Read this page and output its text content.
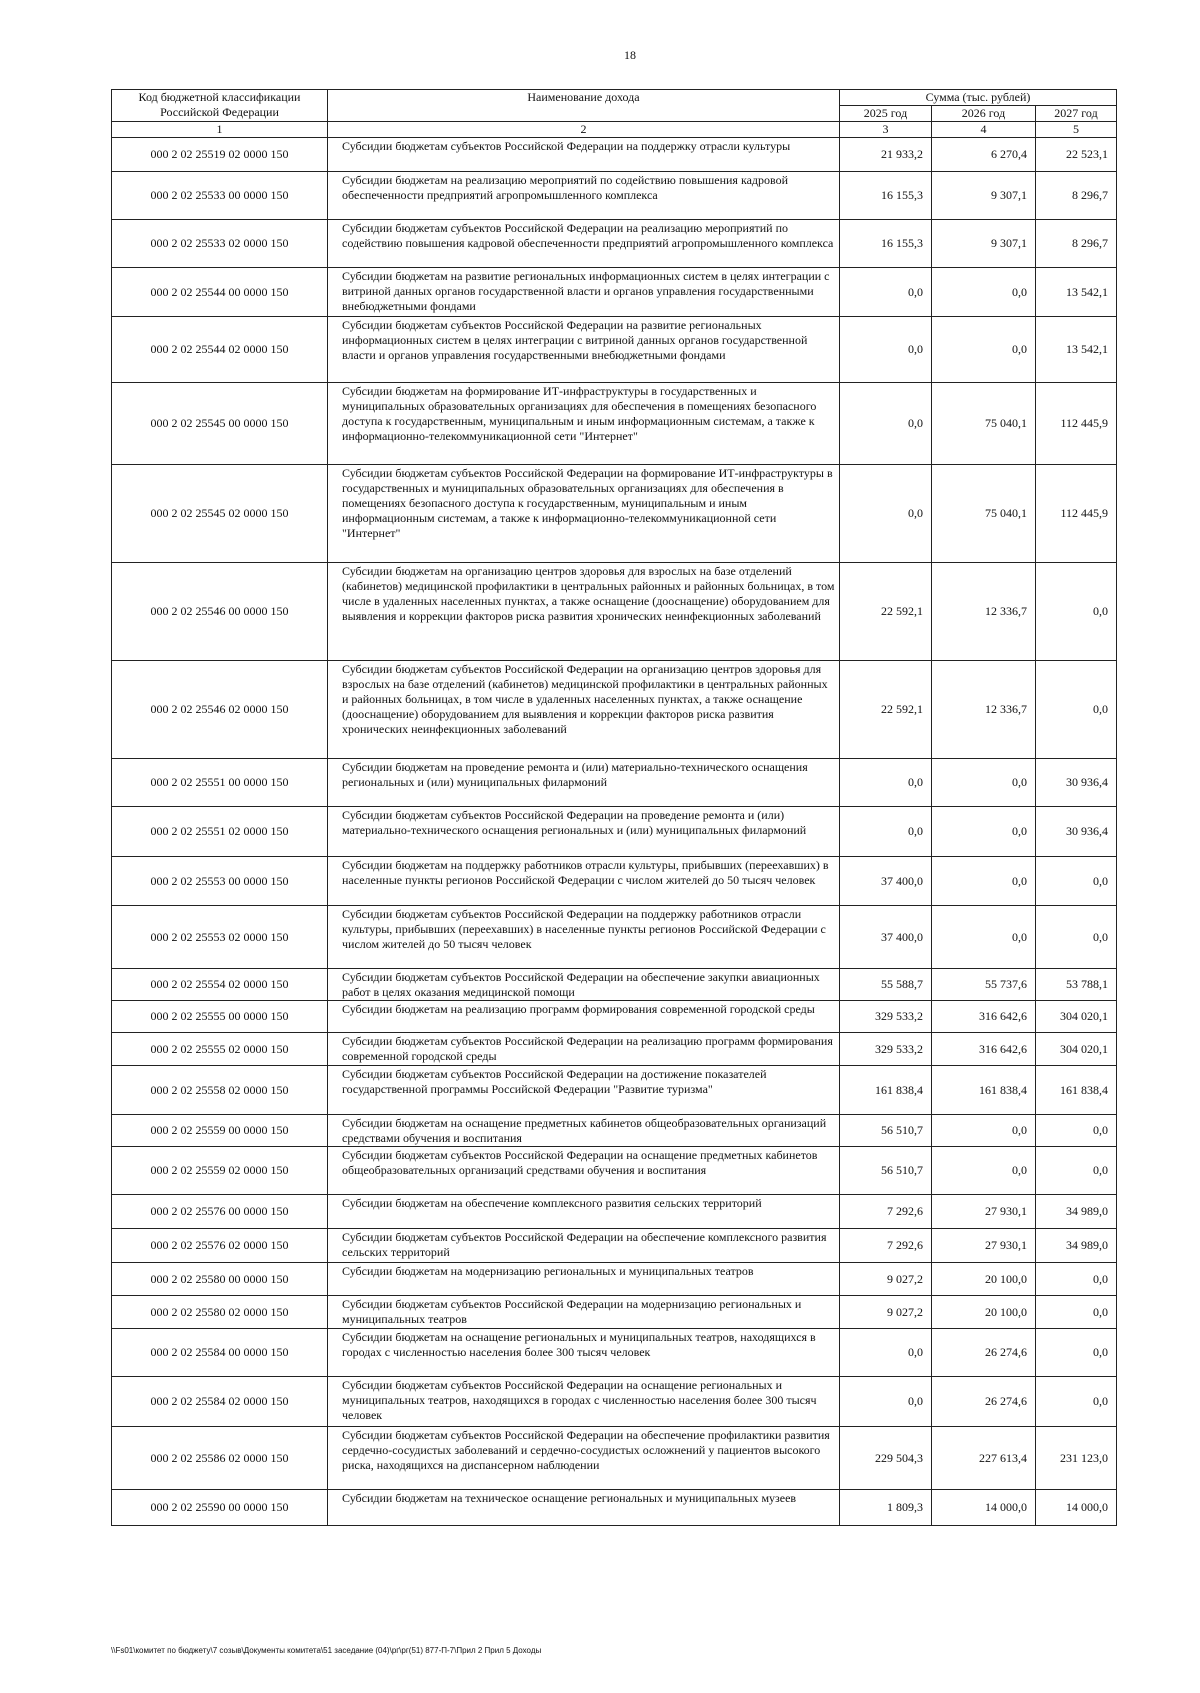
18
Код бюджетной классификации Российской Федерации	Наименование дохода	Сумма (тыс. рублей)		
		2025 год	2026 год	2027 год
1	2	3	4	5
000 2 02 25519 02 0000 150	Субсидии бюджетам субъектов Российской Федерации на поддержку отрасли культуры	21 933,2	6 270,4	22 523,1
000 2 02 25533 00 0000 150	Субсидии бюджетам на реализацию мероприятий по содействию повышения кадровой обеспеченности предприятий агропромышленного комплекса	16 155,3	9 307,1	8 296,7
000 2 02 25533 02 0000 150	Субсидии бюджетам субъектов Российской Федерации на реализацию мероприятий по содействию повышения кадровой обеспеченности предприятий агропромышленного комплекса	16 155,3	9 307,1	8 296,7
000 2 02 25544 00 0000 150	Субсидии бюджетам на развитие региональных информационных систем в целях интеграции с витриной данных органов государственной власти и органов управления государственными внебюджетными фондами	0,0	0,0	13 542,1
000 2 02 25544 02 0000 150	Субсидии бюджетам субъектов Российской Федерации на развитие региональных информационных систем в целях интеграции с витриной данных органов государственной власти и органов управления государственными внебюджетными фондами	0,0	0,0	13 542,1
000 2 02 25545 00 0000 150	Субсидии бюджетам на формирование ИТ-инфраструктуры в государственных и муниципальных образовательных организациях для обеспечения в помещениях безопасного доступа к государственным, муниципальным и иным информационным системам, а также к информационно-телекоммуникационной сети "Интернет"	0,0	75 040,1	112 445,9
000 2 02 25545 02 0000 150	Субсидии бюджетам субъектов Российской Федерации на формирование ИТ-инфраструктуры в государственных и муниципальных образовательных организациях для обеспечения в помещениях безопасного доступа к государственным, муниципальным и иным информационным системам, а также к информационно-телекоммуникационной сети "Интернет"	0,0	75 040,1	112 445,9
000 2 02 25546 00 0000 150	Субсидии бюджетам на организацию центров здоровья для взрослых на базе отделений (кабинетов) медицинской профилактики в центральных районных и районных больницах, в том числе в удаленных населенных пунктах, а также оснащение (дооснащение) оборудованием для выявления и коррекции факторов риска развития хронических неинфекционных заболеваний	22 592,1	12 336,7	0,0
000 2 02 25546 02 0000 150	Субсидии бюджетам субъектов Российской Федерации на организацию центров здоровья для взрослых на базе отделений (кабинетов) медицинской профилактики в центральных районных и районных больницах, в том числе в удаленных населенных пунктах, а также оснащение (дооснащение) оборудованием для выявления и коррекции факторов риска развития хронических неинфекционных заболеваний	22 592,1	12 336,7	0,0
000 2 02 25551 00 0000 150	Субсидии бюджетам на проведение ремонта и (или) материально-технического оснащения региональных и (или) муниципальных филармоний	0,0	0,0	30 936,4
000 2 02 25551 02 0000 150	Субсидии бюджетам субъектов Российской Федерации на проведение ремонта и (или) материально-технического оснащения региональных и (или) муниципальных филармоний	0,0	0,0	30 936,4
000 2 02 25553 00 0000 150	Субсидии бюджетам на поддержку работников отрасли культуры, прибывших (переехавших) в населенные пункты регионов Российской Федерации с числом жителей до 50 тысяч человек	37 400,0	0,0	0,0
000 2 02 25553 02 0000 150	Субсидии бюджетам субъектов Российской Федерации на поддержку работников отрасли культуры, прибывших (переехавших) в населенные пункты регионов Российской Федерации с числом жителей до 50 тысяч человек	37 400,0	0,0	0,0
000 2 02 25554 02 0000 150	Субсидии бюджетам субъектов Российской Федерации на обеспечение закупки авиационных работ в целях оказания медицинской помощи	55 588,7	55 737,6	53 788,1
000 2 02 25555 00 0000 150	Субсидии бюджетам на реализацию программ формирования современной городской среды	329 533,2	316 642,6	304 020,1
000 2 02 25555 02 0000 150	Субсидии бюджетам субъектов Российской Федерации на реализацию программ формирования современной городской среды	329 533,2	316 642,6	304 020,1
000 2 02 25558 02 0000 150	Субсидии бюджетам субъектов Российской Федерации на достижение показателей государственной программы Российской Федерации "Развитие туризма"	161 838,4	161 838,4	161 838,4
000 2 02 25559 00 0000 150	Субсидии бюджетам на оснащение предметных кабинетов общеобразовательных организаций средствами обучения и воспитания	56 510,7	0,0	0,0
000 2 02 25559 02 0000 150	Субсидии бюджетам субъектов Российской Федерации на оснащение предметных кабинетов общеобразовательных организаций средствами обучения и воспитания	56 510,7	0,0	0,0
000 2 02 25576 00 0000 150	Субсидии бюджетам на обеспечение комплексного развития сельских территорий	7 292,6	27 930,1	34 989,0
000 2 02 25576 02 0000 150	Субсидии бюджетам субъектов Российской Федерации на обеспечение комплексного развития сельских территорий	7 292,6	27 930,1	34 989,0
000 2 02 25580 00 0000 150	Субсидии бюджетам на модернизацию региональных и муниципальных театров	9 027,2	20 100,0	0,0
000 2 02 25580 02 0000 150	Субсидии бюджетам субъектов Российской Федерации на модернизацию региональных и муниципальных театров	9 027,2	20 100,0	0,0
000 2 02 25584 00 0000 150	Субсидии бюджетам на оснащение региональных и муниципальных театров, находящихся в городах с численностью населения более 300 тысяч человек	0,0	26 274,6	0,0
000 2 02 25584 02 0000 150	Субсидии бюджетам субъектов Российской Федерации на оснащение региональных и муниципальных театров, находящихся в городах с численностью населения более 300 тысяч человек	0,0	26 274,6	0,0
000 2 02 25586 02 0000 150	Субсидии бюджетам субъектов Российской Федерации на обеспечение профилактики развития сердечно-сосудистых заболеваний и сердечно-сосудистых осложнений у пациентов высокого риска, находящихся на диспансерном наблюдении	229 504,3	227 613,4	231 123,0
000 2 02 25590 00 0000 150	Субсидии бюджетам на техническое оснащение региональных и муниципальных музеев	1 809,3	14 000,0	14 000,0
\\Fs01\комитет по бюджету\7 созыв\Документы комитета\51 заседание (04)\рг\рг(51) 877-П-7\Прил 2 Прил 5 Доходы
